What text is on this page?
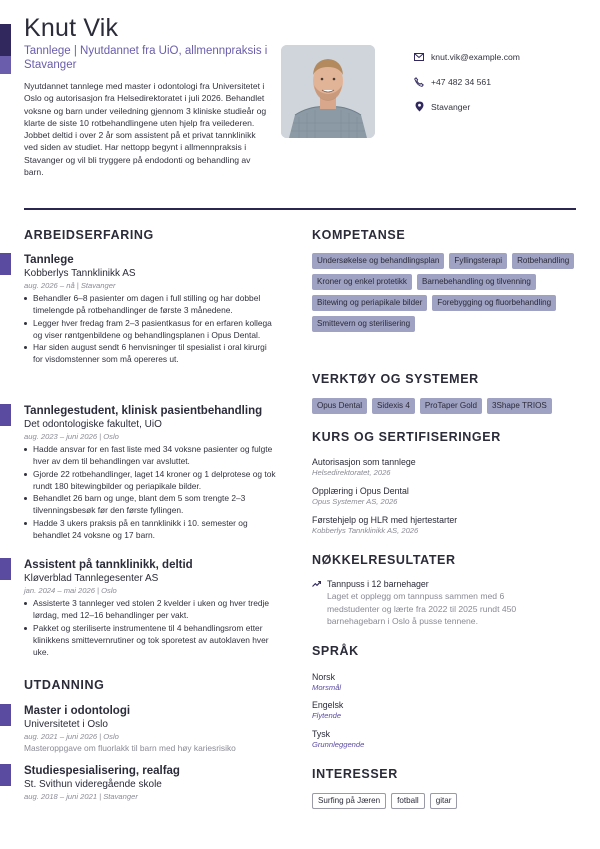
Knut Vik
Tannlege | Nyutdannet fra UiO, allmennpraksis i Stavanger
Nyutdannet tannlege med master i odontologi fra Universitetet i Oslo og autorisasjon fra Helsedirektoratet i juli 2026. Behandlet voksne og barn under veiledning gjennom 3 kliniske studieår og klarte de siste 10 rotbehandlingene uten hjelp fra veilederen. Jobbet deltid i over 2 år som assistent på et privat tannklinikk ved siden av studiet. Har nettopp begynt i allmennpraksis i Stavanger og vil bli tryggere på endodonti og behandling av barn.
knut.vik@example.com
+47 482 34 561
Stavanger
ARBEIDSERFARING
Tannlege
Kobberlys Tannklinikk AS
aug. 2026 – nå | Stavanger
Behandler 6–8 pasienter om dagen i full stilling og har dobbel timelengde på rotbehandlinger de første 3 månedene.
Legger hver fredag fram 2–3 pasientkasus for en erfaren kollega og viser røntgenbildene og behandlingsplanen i Opus Dental.
Har siden august sendt 6 henvisninger til spesialist i oral kirurgi for visdomstenner som må opereres ut.
Tannlegestudent, klinisk pasientbehandling
Det odontologiske fakultet, UiO
aug. 2023 – juni 2026 | Oslo
Hadde ansvar for en fast liste med 34 voksne pasienter og fulgte hver av dem til behandlingen var avsluttet.
Gjorde 22 rotbehandlinger, laget 14 kroner og 1 delprotese og tok rundt 180 bitewingbilder og periapikale bilder.
Behandlet 26 barn og unge, blant dem 5 som trengte 2–3 tilvenningsbesøk før den første fyllingen.
Hadde 3 ukers praksis på en tannklinikk i 10. semester og behandlet 24 voksne og 17 barn.
Assistent på tannklinikk, deltid
Kløverblad Tannlegesenter AS
jan. 2024 – mai 2026 | Oslo
Assisterte 3 tannleger ved stolen 2 kvelder i uken og hver tredje lørdag, med 12–16 behandlinger per vakt.
Pakket og steriliserte instrumentene til 4 behandlingsrom etter klinikkens smittevernrutiner og tok sporetest av autoklaven hver uke.
UTDANNING
Master i odontologi
Universitetet i Oslo
aug. 2021 – juni 2026 | Oslo
Masteroppgave om fluorlakk til barn med høy kariesrisiko
Studiespesialisering, realfag
St. Svithun videregående skole
aug. 2018 – juni 2021 | Stavanger
KOMPETANSE
Undersøkelse og behandlingsplan	Fyllingsterapi	Rotbehandling
Kroner og enkel protetikk	Barnebehandling og tilvenning
Bitewing og periapikale bilder	Forebygging og fluorbehandling
Smittevern og sterilisering
VERKTØY OG SYSTEMER
Opus Dental	Sidexis 4	ProTaper Gold	3Shape TRIOS
KURS OG SERTIFISERINGER
Autorisasjon som tannlege
Helsedirektoratet, 2026
Opplæring i Opus Dental
Opus Systemer AS, 2026
Førstehjelp og HLR med hjertestarter
Kobberlys Tannklinikk AS, 2026
NØKKELRESULTATER
Tannpuss i 12 barnehager
Laget et opplegg om tannpuss sammen med 6 medstudenter og lærte fra 2022 til 2025 rundt 450 barnehagebarn i Oslo å pusse tennene.
SPRÅK
Norsk
Morsmål
Engelsk
Flytende
Tysk
Grunnleggende
INTERESSER
Surfing på Jæren	fotball	gitar
